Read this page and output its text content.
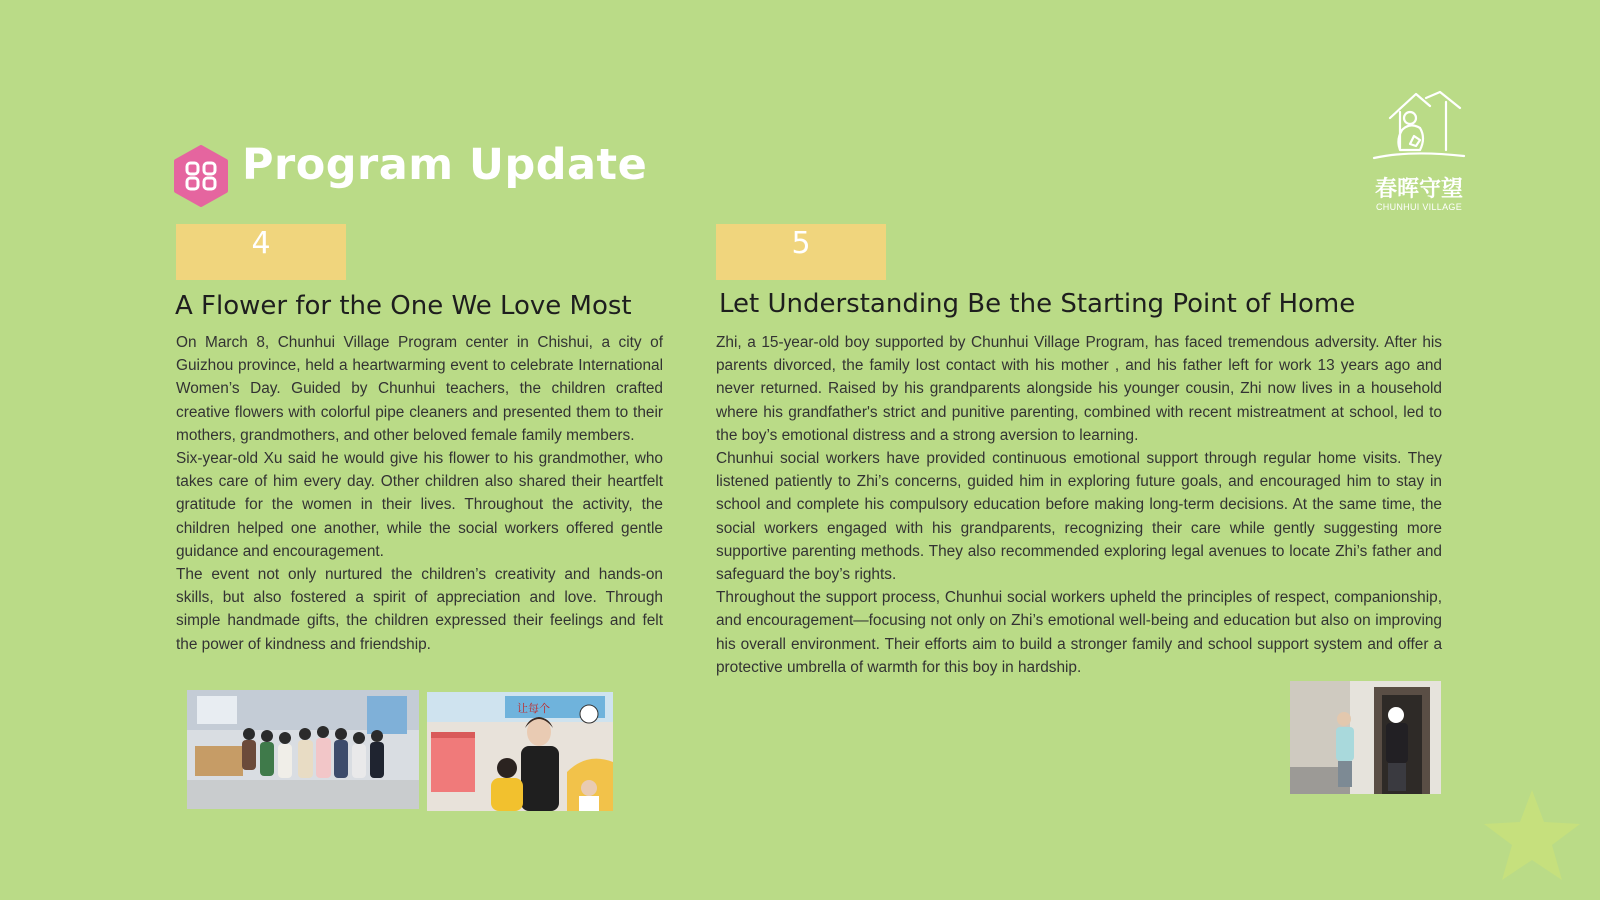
Program Update	春晖守望
CHUNHUI VILLAGE
4
A Flower for the One We Love Most

On March 8, Chunhui Village Program center in Chishui, a city of Guizhou province, held a heartwarming event to celebrate International Women’s Day. Guided by Chunhui teachers, the children crafted creative flowers with colorful pipe cleaners and presented them to their mothers, grandmothers, and other beloved female family members.

Six-year-old Xu said he would give his flower to his grandmother, who takes care of him every day. Other children also shared their heartfelt gratitude for the women in their lives. Throughout the activity, the children helped one another, while the social workers offered gentle guidance and encouragement.

The event not only nurtured the children’s creativity and hands-on skills, but also fostered a spirit of appreciation and love. Through simple handmade gifts, the children expressed their feelings and felt the power of kindness and friendship.

让每个
5
Let Understanding Be the Starting Point of Home

Zhi, a 15-year-old boy supported by Chunhui Village Program, has faced tremendous adversity. After his parents divorced, the family lost contact with his mother , and his father left for work 13 years ago and never returned. Raised by his grandparents alongside his younger cousin, Zhi now lives in a household where his grandfather's strict and punitive parenting, combined with recent mistreatment at school, led to the boy’s emotional distress and a strong aversion to learning.

Chunhui social workers have provided continuous emotional support through regular home visits. They listened patiently to Zhi’s concerns, guided him in exploring future goals, and encouraged him to stay in school and complete his compulsory education before making long-term decisions. At the same time, the social workers engaged with his grandparents, recognizing their care while gently suggesting more supportive parenting methods. They also recommended exploring legal avenues to locate Zhi’s father and safeguard the boy’s rights.

Throughout the support process, Chunhui social workers upheld the principles of respect, companionship, and encouragement—focusing not only on Zhi’s emotional well-being and education but also on improving his overall environment. Their efforts aim to build a stronger family and school support system and offer a protective umbrella of warmth for this boy in hardship.
